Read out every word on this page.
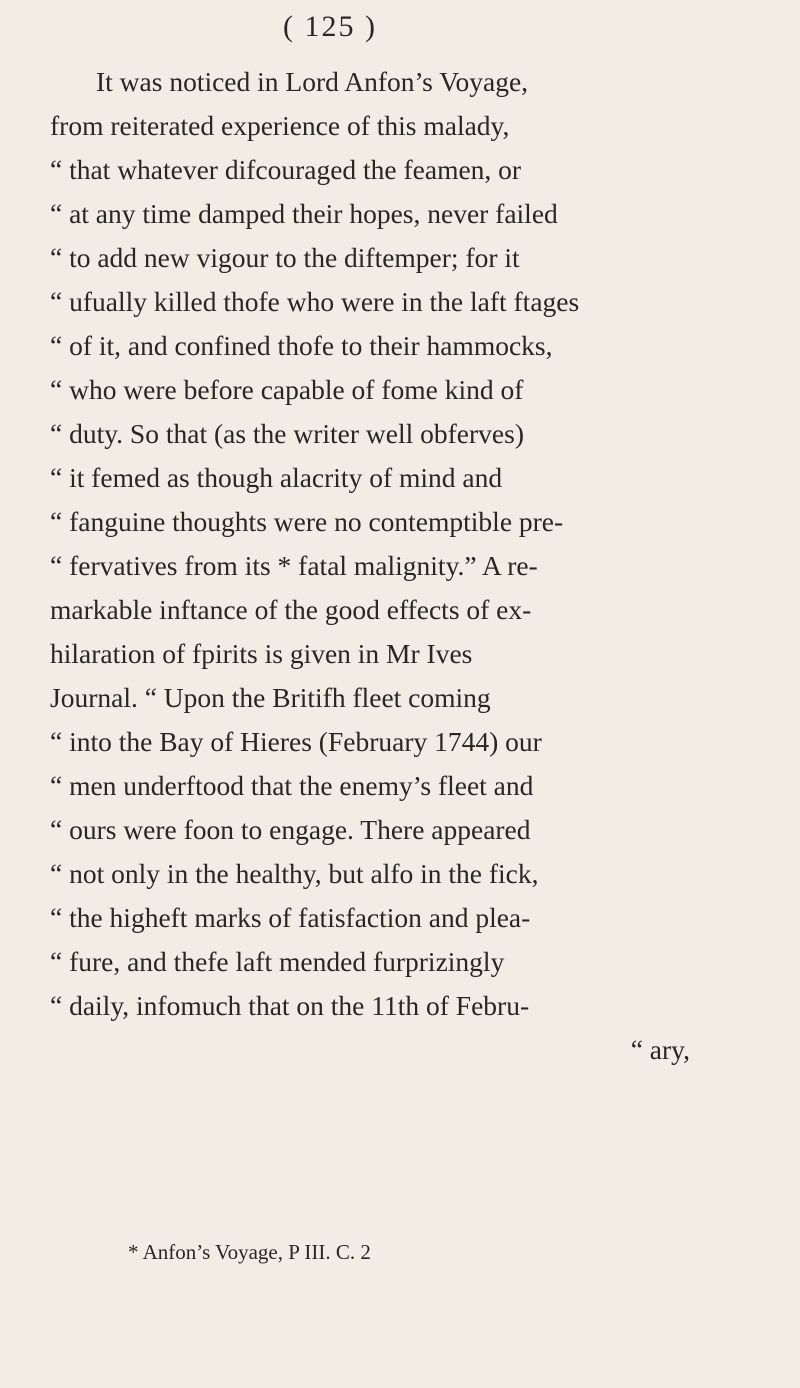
( 125 )
It was noticed in Lord Anfon’s Voyage,
from reiterated experience of this malady,
“ that whatever difcouraged the feamen, or
“ at any time damped their hopes, never failed
“ to add new vigour to the diftemper; for it
“ ufually killed thofe who were in the laft ftages
“ of it, and confined thofe to their hammocks,
“ who were before capable of fome kind of
“ duty. So that (as the writer well obferves)
“ it femed as though alacrity of mind and
“ fanguine thoughts were no contemptible pre-
“ fervatives from its * fatal malignity.” A re-
markable inftance of the good effects of ex-
hilaration of fpirits is given in Mr Ives
Journal. “ Upon the Britifh fleet coming
“ into the Bay of Hieres (February 1744) our
“ men underftood that the enemy’s fleet and
“ ours were foon to engage. There appeared
“ not only in the healthy, but alfo in the fick,
“ the higheft marks of fatisfaction and plea-
“ fure, and thefe laft mended furprizingly
“ daily, infomuch that on the 11th of Febru-
“ ary,
* Anfon’s Voyage, P III. C. 2
